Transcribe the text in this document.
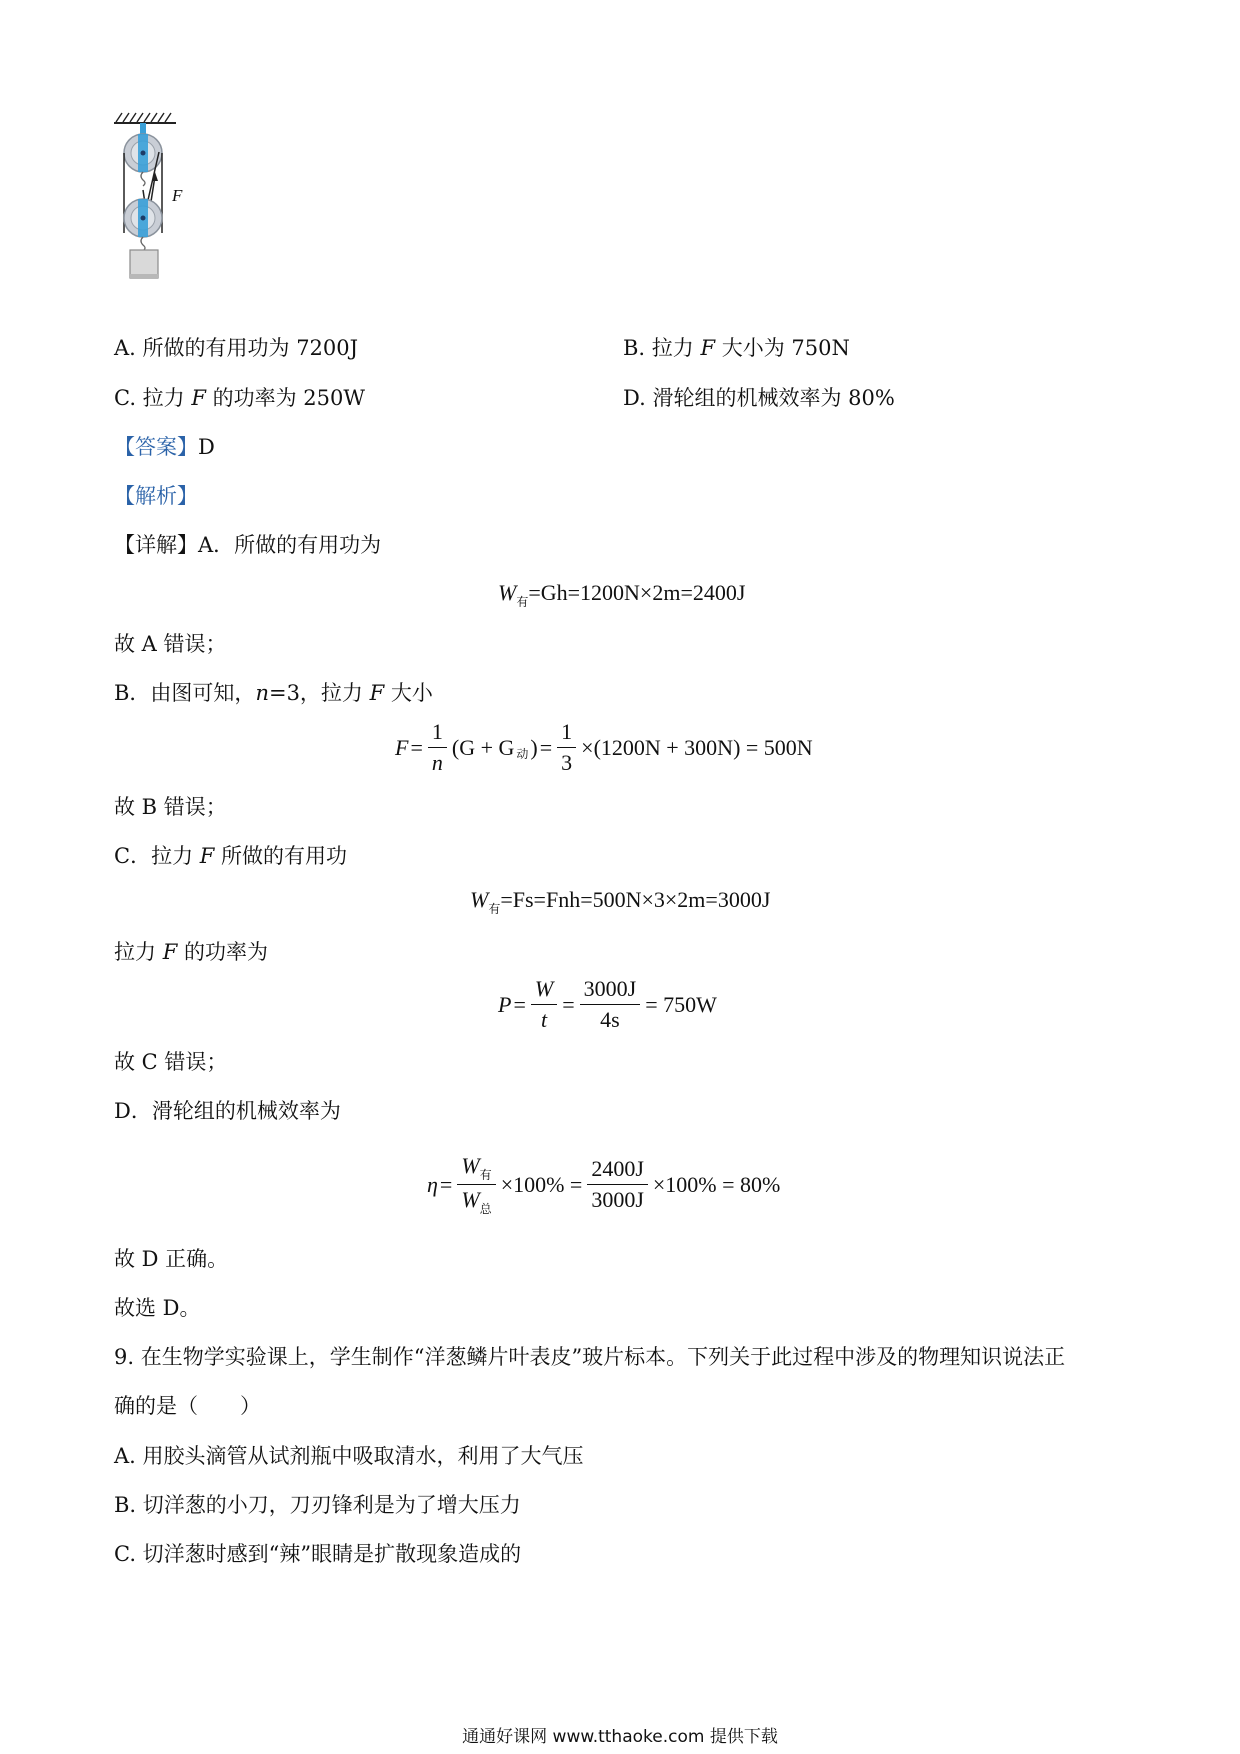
F
A. 所做的有用功为 7200J	B. 拉力 F 大小为 750N
C. 拉力 F 的功率为 250W	D. 滑轮组的机械效率为 80%
【答案】D
【解析】
【详解】A．所做的有用功为
$W_有=Gh=1200N\times 2m=2400J$
故 A 错误；
B．由图可知，n=3，拉力 F 大小
$F = \frac{1}{n} (G + G$ 动 ) = $\frac{1}{3} \times(1200N + 300N) = 500N$
故 B 错误；
C．拉力 F 所做的有用功
$W_有=Fs=Fnh=500N\times 3\times 2m=3000J$
拉力 F 的功率为
$P = \frac{W}{t} = \frac{3000J}{4s} = 750W$
故 C 错误；
D．滑轮组的机械效率为
$\eta = \frac{W_有}{W_总} \times 100\% = \frac{2400J}{3000J} \times 100\% = 80\%$
故 D 正确。
故选 D。
9. 在生物学实验课上，学生制作“洋葱鳞片叶表皮”玻片标本。下列关于此过程中涉及的物理知识说法正
确的是（　　）
A. 用胶头滴管从试剂瓶中吸取清水，利用了大气压
B. 切洋葱的小刀，刀刃锋利是为了增大压力
C. 切洋葱时感到“辣”眼睛是扩散现象造成的
通通好课网 www.tthaoke.com 提供下载
